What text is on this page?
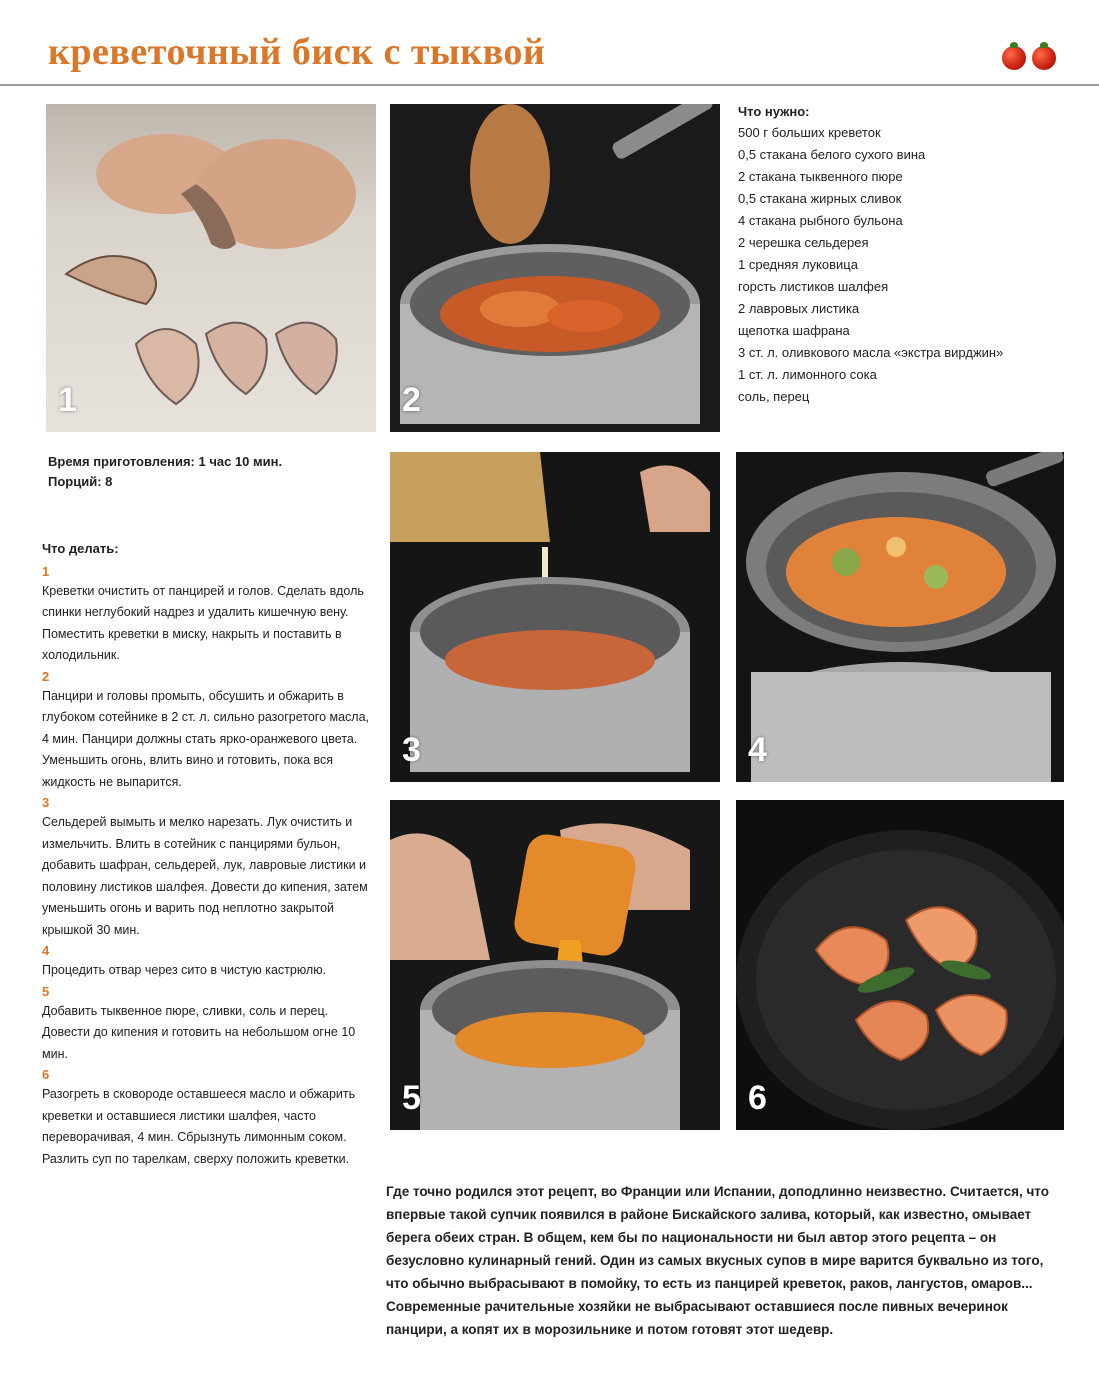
креветочный биск с тыквой
1	2
3	4
5	6
Что нужно:
500 г больших креветок
0,5 стакана белого сухого вина
2 стакана тыквенного пюре
0,5 стакана жирных сливок
4 стакана рыбного бульона
2 черешка сельдерея
1 средняя луковица
горсть листиков шалфея
2 лавровых листика
щепотка шафрана
3 ст. л. оливкового масла «экстра вирджин»
1 ст. л. лимонного сока
соль, перец
Время приготовления: 1 час 10 мин.
Порций: 8
Что делать:
1

Креветки очистить от панцирей и голов. Сделать вдоль спинки неглубокий надрез и удалить кишечную вену. Поместить креветки в миску, накрыть и поставить в холодильник.

2

Панцири и головы промыть, обсушить и обжарить в глубоком сотейнике в 2 ст. л. сильно разогретого масла, 4 мин. Панцири должны стать ярко-оранжевого цвета. Уменьшить огонь, влить вино и готовить, пока вся жидкость не выпарится.

3

Сельдерей вымыть и мелко нарезать. Лук очистить и измельчить. Влить в сотейник с панцирями бульон, добавить шафран, сельдерей, лук, лавровые листики и половину листиков шалфея. Довести до кипения, затем уменьшить огонь и варить под неплотно закрытой крышкой 30 мин.

4

Процедить отвар через сито в чистую кастрюлю.

5

Добавить тыквенное пюре, сливки, соль и перец. Довести до кипения и готовить на небольшом огне 10 мин.

6

Разогреть в сковороде оставшееся масло и обжарить креветки и оставшиеся листики шалфея, часто переворачивая, 4 мин. Сбрызнуть лимонным соком. Разлить суп по тарелкам, сверху положить креветки.

Где точно родился этот рецепт, во Франции или Испании, доподлинно неизвестно. Считается, что впервые такой супчик появился в районе Бискайского залива, который, как известно, омывает берега обеих стран. В общем, кем бы по национальности ни был автор этого рецепта – он безусловно кулинарный гений. Один из самых вкусных супов в мире варится буквально из того, что обычно выбрасывают в помойку, то есть из панцирей креветок, раков, лангустов, омаров... Современные рачительные хозяйки не выбрасывают оставшиеся после пивных вечеринок панцири, а копят их в морозильнике и потом готовят этот шедевр.
